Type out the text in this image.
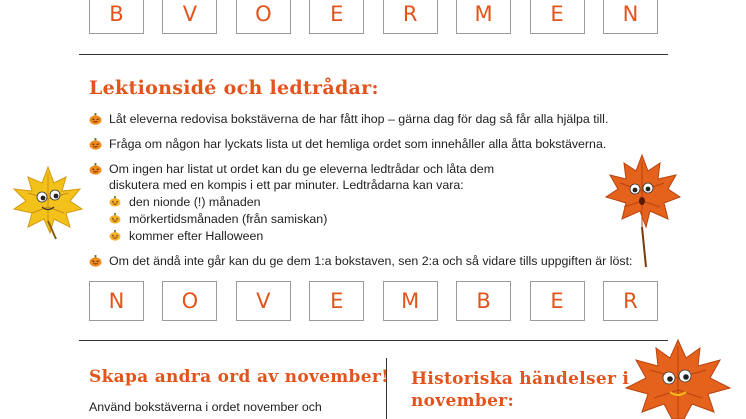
B	V	O	E	R	M	E	N
Lektionsidé och ledtrådar:
Låt eleverna redovisa bokstäverna de har fått ihop – gärna dag för dag så får alla hjälpa till.
Fråga om någon har lyckats lista ut det hemliga ordet som innehåller alla åtta bokstäverna.
Om ingen har listat ut ordet kan du ge eleverna ledtrådar och låta dem
diskutera med en kompis i ett par minuter. Ledtrådarna kan vara:
den nionde (!) månaden
mörkertidsmånaden (från samiskan)
kommer efter Halloween
Om det ändå inte går kan du ge dem 1:a bokstaven, sen 2:a och så vidare tills uppgiften är löst:
N	O	V	E	M	B	E	R
Skapa andra ord av november!
Använd bokstäverna i ordet november och
Historiska händelser i
november:
